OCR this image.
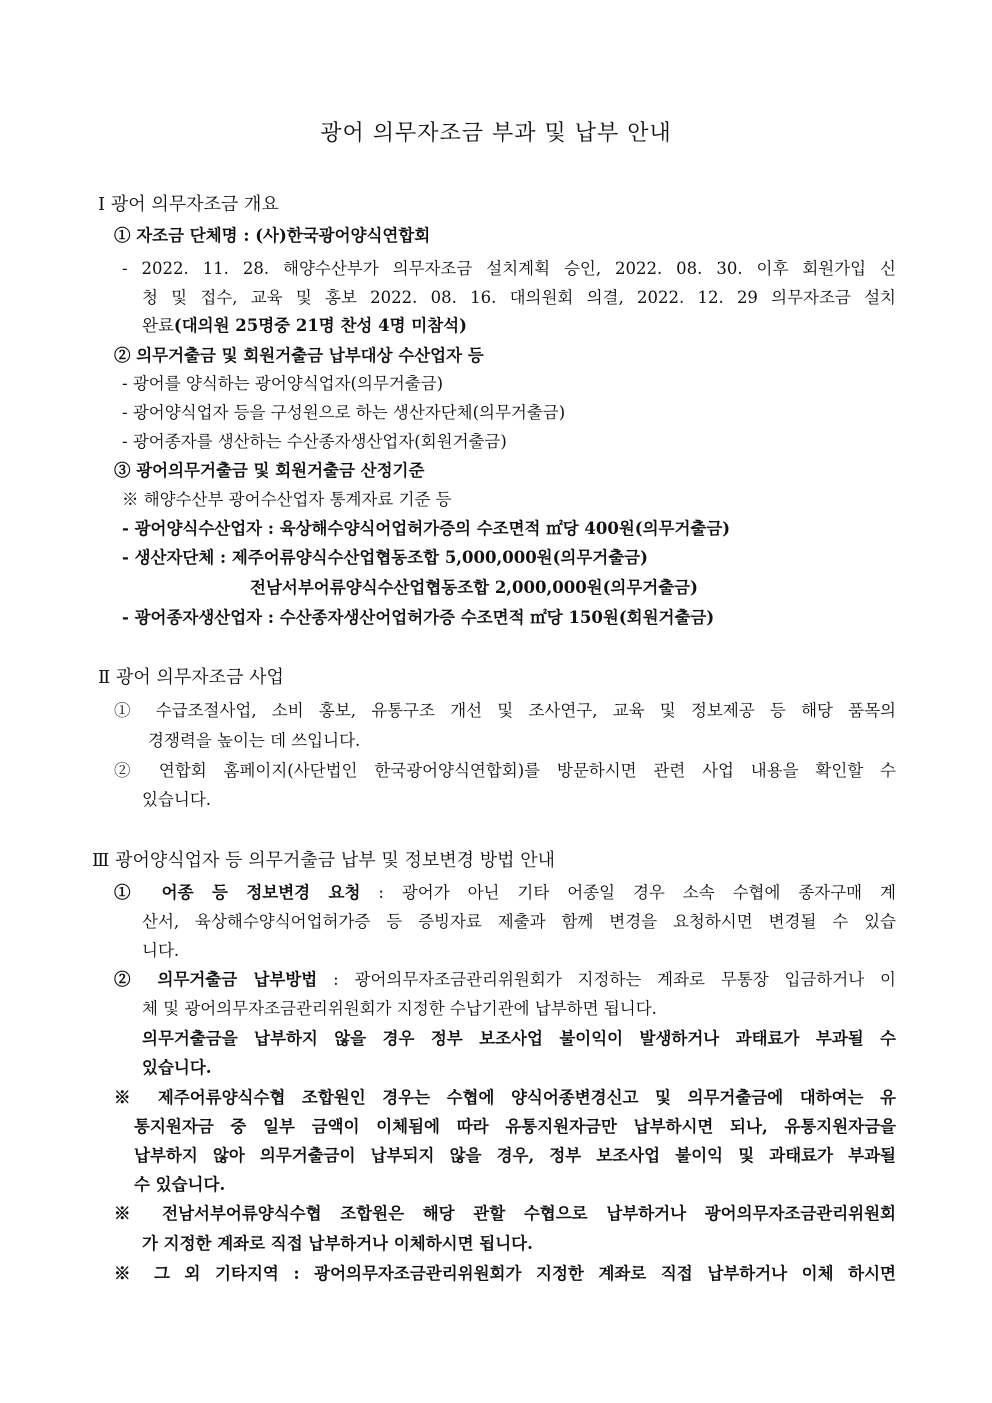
광어 의무자조금 부과 및 납부 안내
Ⅰ 광어 의무자조금 개요
① 자조금 단체명 : (사)한국광어양식연합회
- 2022. 11. 28. 해양수산부가 의무자조금 설치계획 승인, 2022. 08. 30. 이후 회원가입 신
청 및 접수, 교육 및 홍보 2022. 08. 16. 대의원회 의결, 2022. 12. 29 의무자조금 설치
완료(대의원 25명중 21명 찬성 4명 미참석)
② 의무거출금 및 회원거출금 납부대상 수산업자 등
- 광어를 양식하는 광어양식업자(의무거출금)
- 광어양식업자 등을 구성원으로 하는 생산자단체(의무거출금)
- 광어종자를 생산하는 수산종자생산업자(회원거출금)
③ 광어의무거출금 및 회원거출금 산정기준
※ 해양수산부 광어수산업자 통계자료 기준 등
- 광어양식수산업자 : 육상해수양식어업허가증의 수조면적 ㎡당 400원(의무거출금)
- 생산자단체 : 제주어류양식수산업협동조합 5,000,000원(의무거출금)
전남서부어류양식수산업협동조합 2,000,000원(의무거출금)
- 광어종자생산업자 : 수산종자생산어업허가증 수조면적 ㎡당 150원(회원거출금)
Ⅱ 광어 의무자조금 사업
① 수급조절사업, 소비 홍보, 유통구조 개선 및 조사연구, 교육 및 정보제공 등 해당 품목의
경쟁력을 높이는 데 쓰입니다.
② 연합회 홈페이지(사단법인 한국광어양식연합회)를 방문하시면 관련 사업 내용을 확인할 수
있습니다.
Ⅲ 광어양식업자 등 의무거출금 납부 및 정보변경 방법 안내
① 어종 등 정보변경 요청 : 광어가 아닌 기타 어종일 경우 소속 수협에 종자구매 계
산서, 육상해수양식어업허가증 등 증빙자료 제출과 함께 변경을 요청하시면 변경될 수 있습
니다.
② 의무거출금 납부방법 : 광어의무자조금관리위원회가 지정하는 계좌로 무통장 입금하거나 이
체 및 광어의무자조금관리위원회가 지정한 수납기관에 납부하면 됩니다.
의무거출금을 납부하지 않을 경우 정부 보조사업 불이익이 발생하거나 과태료가 부과될 수
있습니다.
※ 제주어류양식수협 조합원인 경우는 수협에 양식어종변경신고 및 의무거출금에 대하여는 유
통지원자금 중 일부 금액이 이체됨에 따라 유통지원자금만 납부하시면 되나, 유통지원자금을
납부하지 않아 의무거출금이 납부되지 않을 경우, 정부 보조사업 불이익 및 과태료가 부과될
수 있습니다.
※ 전남서부어류양식수협 조합원은 해당 관할 수협으로 납부하거나 광어의무자조금관리위원회
가 지정한 계좌로 직접 납부하거나 이체하시면 됩니다.
※ 그 외 기타지역 : 광어의무자조금관리위원회가 지정한 계좌로 직접 납부하거나 이체 하시면
